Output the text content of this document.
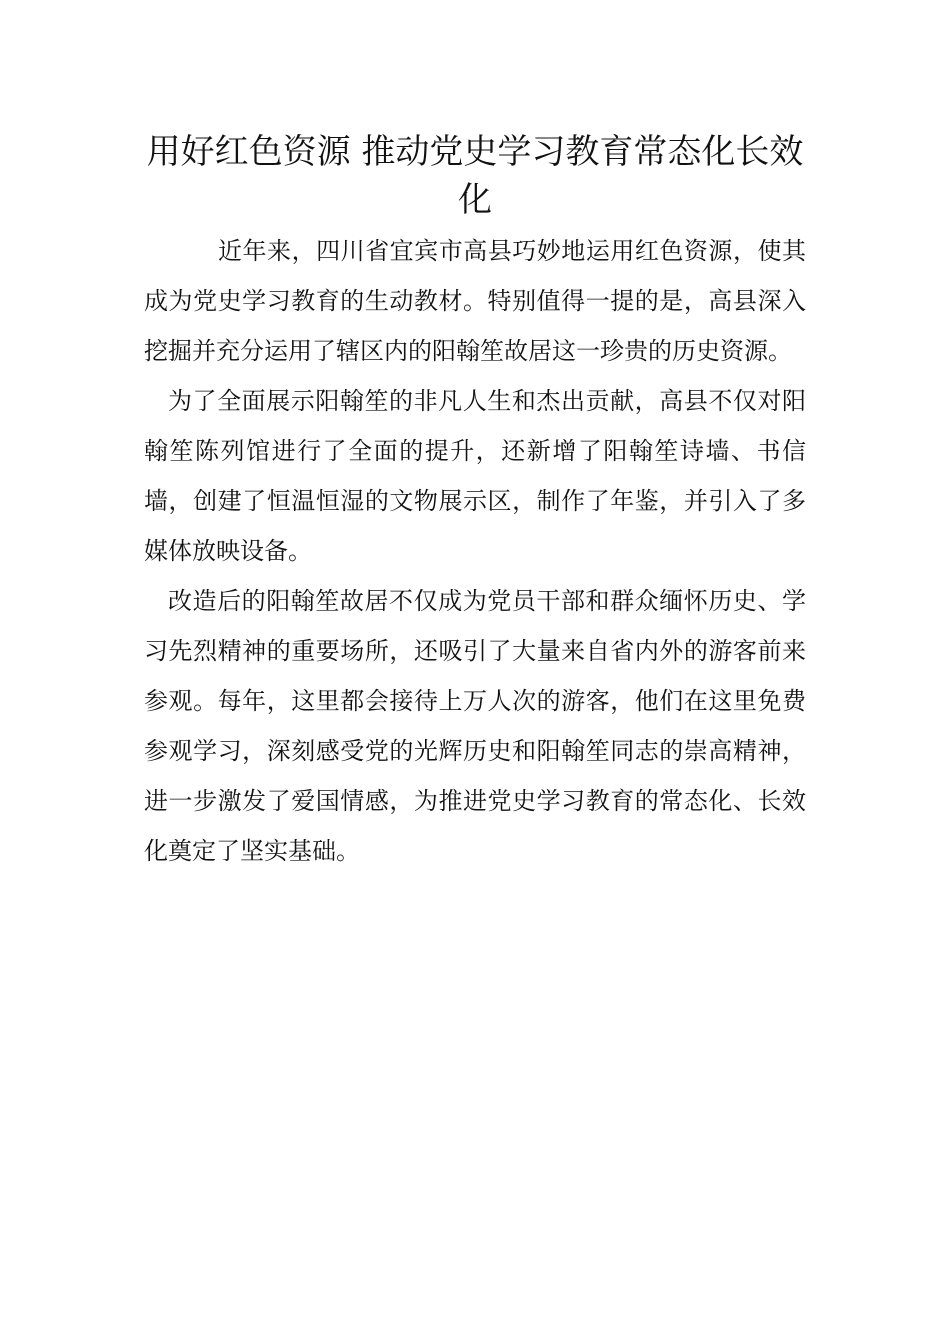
用好红色资源 推动党史学习教育常态化长效化

近年来，四川省宜宾市高县巧妙地运用红色资源，使其成为党史学习教育的生动教材。特别值得一提的是，高县深入挖掘并充分运用了辖区内的阳翰笙故居这一珍贵的历史资源。

为了全面展示阳翰笙的非凡人生和杰出贡献，高县不仅对阳翰笙陈列馆进行了全面的提升，还新增了阳翰笙诗墙、书信墙，创建了恒温恒湿的文物展示区，制作了年鉴，并引入了多媒体放映设备。

改造后的阳翰笙故居不仅成为党员干部和群众缅怀历史、学习先烈精神的重要场所，还吸引了大量来自省内外的游客前来参观。每年，这里都会接待上万人次的游客，他们在这里免费参观学习，深刻感受党的光辉历史和阳翰笙同志的崇高精神，进一步激发了爱国情感，为推进党史学习教育的常态化、长效化奠定了坚实基础。
